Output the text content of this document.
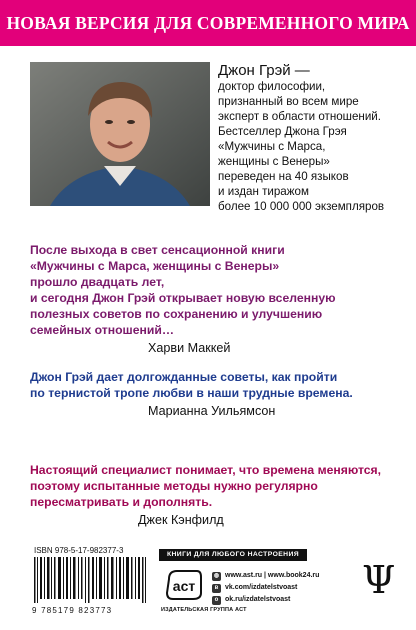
НОВАЯ ВЕРСИЯ ДЛЯ СОВРЕМЕННОГО МИРА
Джон Грэй —
доктор философии,
признанный во всем мире
эксперт в области отношений.
Бестселлер Джона Грэя
«Мужчины с Марса,
женщины с Венеры»
переведен на 40 языков
и издан тиражом
более 10 000 000 экземпляров
После выхода в свет сенсационной книги
«Мужчины с Марса, женщины с Венеры»
прошло двадцать лет,
и сегодня Джон Грэй открывает новую вселенную
полезных советов по сохранению и улучшению
семейных отношений…
Харви Маккей
Джон Грэй дает долгожданные советы, как пройти
по тернистой тропе любви в наши трудные времена.
Марианна Уильямсон
Настоящий специалист понимает, что времена меняются,
поэтому испытанные методы нужно регулярно
пересматривать и дополнять.
Джек Кэнфилд
ISBN 978-5-17-982377-3
9 785179 823773
КНИГИ ДЛЯ ЛЮБОГО НАСТРОЕНИЯ ЗДЕСЬ
аст
ИЗДАТЕЛЬСКАЯ ГРУППА АСТ
◍ www.ast.ru | www.book24.ru
в vk.com/izdatelstvoast
о ok.ru/izdatelstvoast Ψ
